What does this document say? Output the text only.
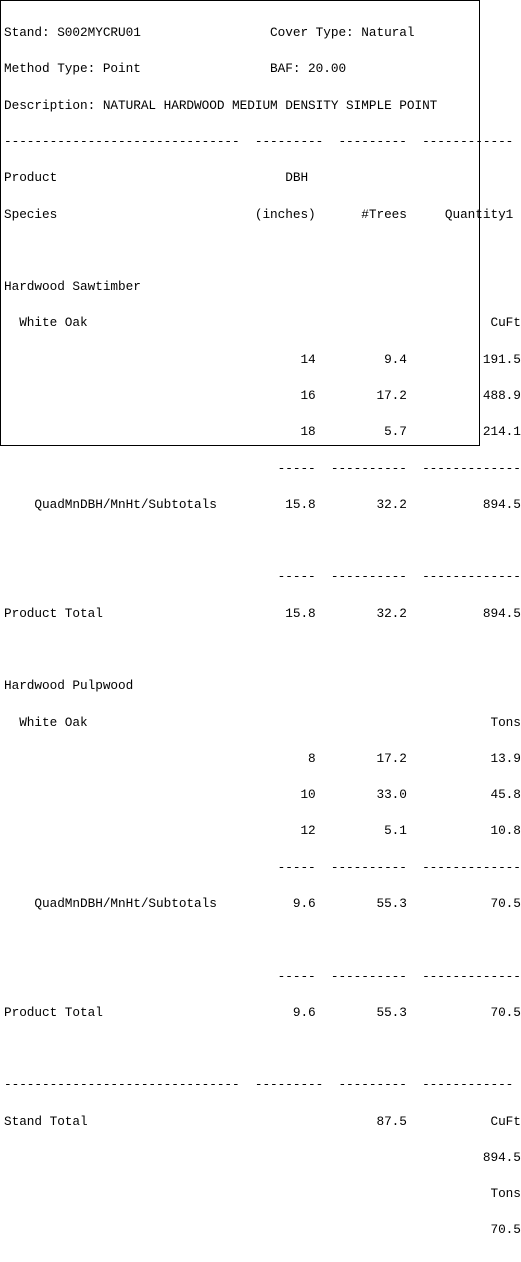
Stand: S002MYCRU01                 Cover Type: Natural

Method Type: Point                 BAF: 20.00

Description: NATURAL HARDWOOD MEDIUM DENSITY SIMPLE POINT

-------------------------------  ---------  ---------  ------------

Product                              DBH

Species                          (inches)      #Trees     Quantity1

Hardwood Sawtimber

White Oak                                                     CuFt

14         9.4          191.5

16        17.2          488.9

18         5.7          214.1

-----  ----------  -------------

QuadMnDBH/MnHt/Subtotals         15.8        32.2          894.5

-----  ----------  -------------

Product Total                        15.8        32.2          894.5

Hardwood Pulpwood

White Oak                                                     Tons

8        17.2           13.9

10        33.0           45.8

12         5.1           10.8

-----  ----------  -------------

QuadMnDBH/MnHt/Subtotals          9.6        55.3           70.5

-----  ----------  -------------

Product Total                         9.6        55.3           70.5

-------------------------------  ---------  ---------  ------------

Stand Total                                      87.5           CuFt

894.5

Tons

70.5
